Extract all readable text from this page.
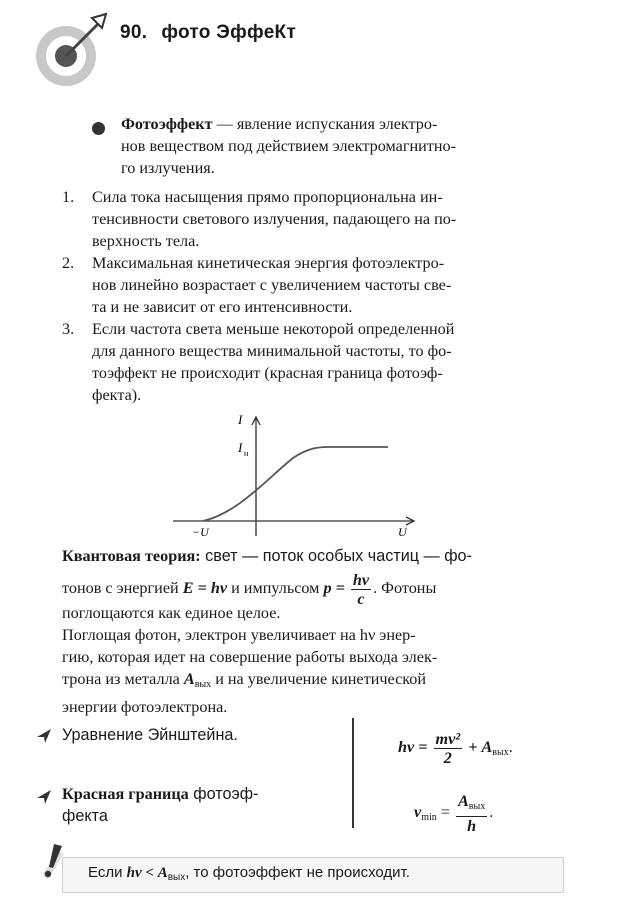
90. фото ЭффеКт
Фотоэффект — явление испускания электро-
нов веществом под действием электромагнитно-
го излучения.
1. Сила тока насыщения прямо пропорциональна ин-
тенсивности светового излучения, падающего на по-
верхность тела.
2. Максимальная кинетическая энергия фотоэлектро-
нов линейно возрастает с увеличением частоты све-
та и не зависит от его интенсивности.
3. Если частота света меньше некоторой определенной
для данного вещества минимальной частоты, то фо-
тоэффект не происходит (красная граница фотоэф-
фекта).
I
I н
−U	U
Квантовая теория: свет — поток особых частиц — фо-
тонов с энергией E = hν и импульсом $p = \frac{h\nu}{c}$ . Фотоны
поглощаются как единое целое.
Поглощая фотон, электрон увеличивает на hν энер-
гию, которая идет на совершение работы выхода элек-
трона из металла $A_{вых}$ и на увеличение кинетической
энергии фотоэлектрона.
Уравнение Эйнштейна.
$h\nu = \frac{\text{mv²}}{2} + A_{вых}$.
Красная граница фотоэф-
фекта	$\nu_{min} = \frac{A_{вых}}{h}$ .
Если $h\nu < A_{вых}$, то фотоэффект не происходит.
